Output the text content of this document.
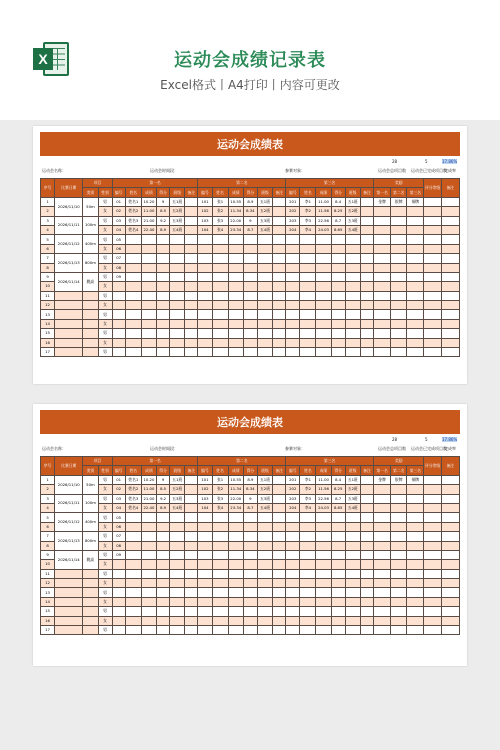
X	运动会成绩记录表
Excel格式丨A4打印丨内容可更改
运动会成绩表
运动会名称：	运动会时间段：	参赛对象：
28	5	17.86%
运动会总项目数 运动会已完成项目数
完成率
序号	比赛日期	项目		第一名						第二名						第三名						奖励			评分等级	备注
		类别	性别	编号	姓名	成绩	得分	班级	备注	编号	姓名	成绩	得分	班级	备注	编号	姓名	成绩	得分	班级	备注	第一名	第二名	第三名		
1	2026/11/10	50m	男	01	姓名1	10.20	9	五1班		101	张1	10.55	8.9	五1班		201	李1	11.00	8.4	五1班		金牌	银牌	铜牌		
2			女	02	姓名2	11.00	8.5	五2班		102	张2	11.34	8.34	五2班		202	李2	11.56	8.25	五2班						
3	2026/11/11	100m	男	03	姓名3	21.00	9.2	五3班		103	张3	22.00	9	五3班		203	李3	22.56	8.7	五3班						
4			女	04	姓名4	22.40	8.9	五4班		104	张4	23.34	8.7	五4班		204	李4	24.03	8.65	五4班						
5	2026/11/12	400m	男	05																						
6			女	06																						
7	2026/11/13	800m	男	07																						
8			女	08																						
9	2026/11/14	跳高	男	09																						
10			女																							
11			男																							
12			女																							
13			男																							
14			女																							
15			男																							
16			女																							
17			男																							
运动会成绩表
运动会名称：	运动会时间段：	参赛对象：
28	5	17.86%
运动会总项目数 运动会已完成项目数
完成率
序号	比赛日期	项目		第一名						第二名						第三名						奖励			评分等级	备注
		类别	性别	编号	姓名	成绩	得分	班级	备注	编号	姓名	成绩	得分	班级	备注	编号	姓名	成绩	得分	班级	备注	第一名	第二名	第三名		
1	2026/11/10	50m	男	01	姓名1	10.20	9	五1班		101	张1	10.55	8.9	五1班		201	李1	11.00	8.4	五1班		金牌	银牌	铜牌		
2			女	02	姓名2	11.00	8.5	五2班		102	张2	11.34	8.34	五2班		202	李2	11.56	8.25	五2班						
3	2026/11/11	100m	男	03	姓名3	21.00	9.2	五3班		103	张3	22.00	9	五3班		203	李3	22.56	8.7	五3班						
4			女	04	姓名4	22.40	8.9	五4班		104	张4	23.34	8.7	五4班		204	李4	24.03	8.65	五4班						
5	2026/11/12	400m	男	05																						
6			女	06																						
7	2026/11/13	800m	男	07																						
8			女	08																						
9	2026/11/14	跳高	男	09																						
10			女																							
11			男																							
12			女																							
13			男																							
14			女																							
15			男																							
16			女																							
17			男																							
